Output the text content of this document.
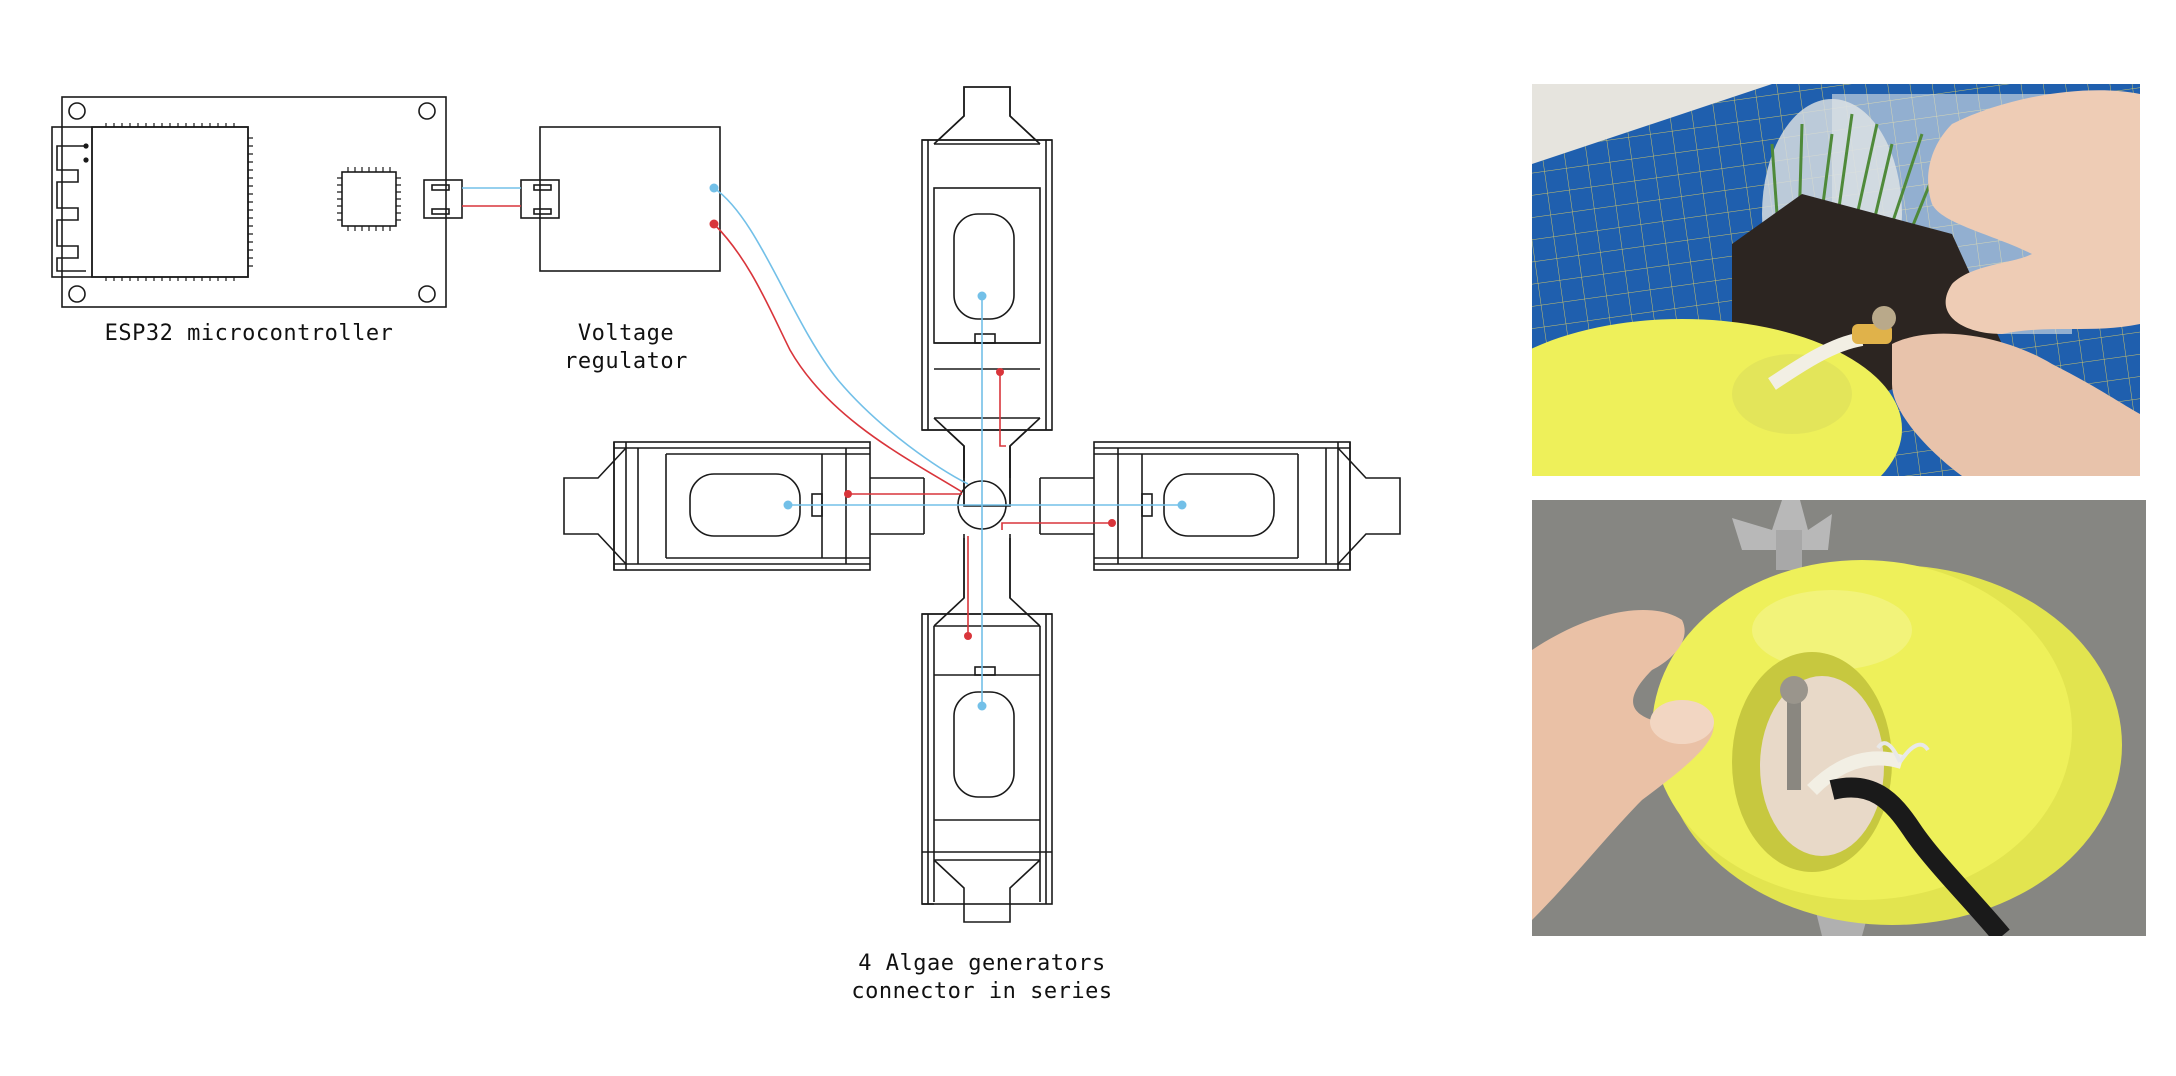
ESP32 microcontroller	Voltage
regulator
4 Algae generators
connector in series
